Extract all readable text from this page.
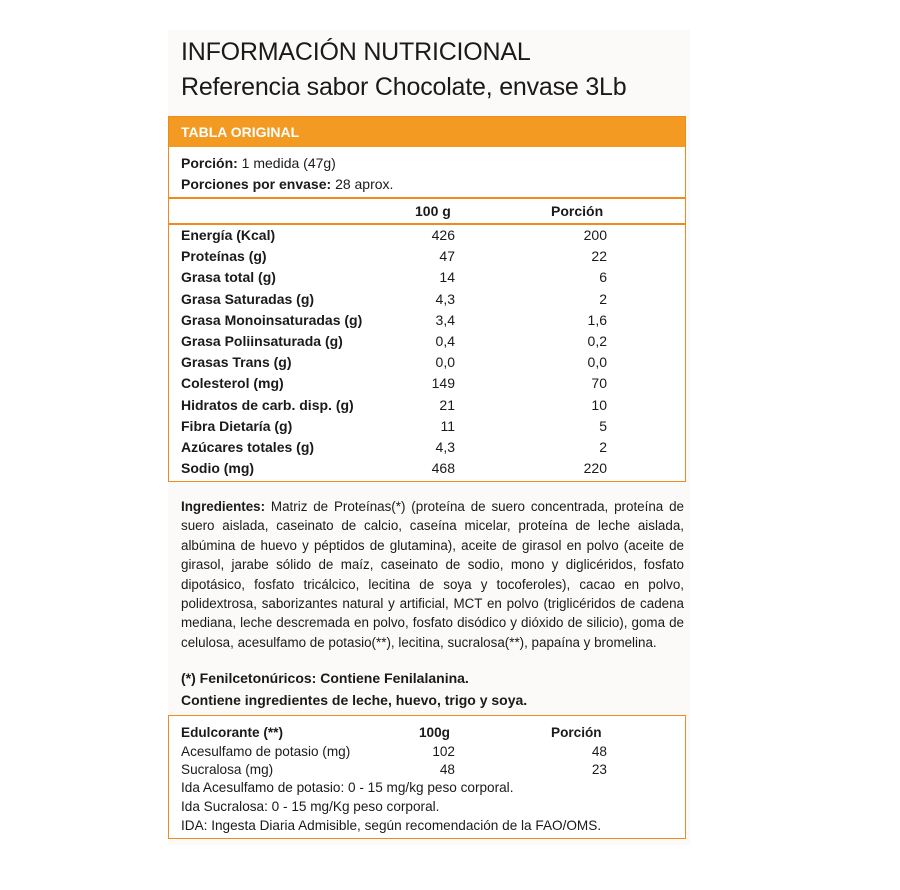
INFORMACIÓN NUTRICIONAL
Referencia sabor Chocolate, envase 3Lb
TABLA ORIGINAL
Porción: 1 medida (47g)
Porciones por envase: 28 aprox.
100 g	Porción
Energía (Kcal)	426	200
Proteínas (g)	47	22
Grasa total (g)	14	6
Grasa Saturadas (g)	4,3	2
Grasa Monoinsaturadas (g)	3,4	1,6
Grasa Poliinsaturada (g)	0,4	0,2
Grasas Trans (g)	0,0	0,0
Colesterol (mg)	149	70
Hidratos de carb. disp. (g)	21	10
Fibra Dietaría (g)	11	5
Azúcares totales (g)	4,3	2
Sodio (mg)	468	220
Ingredientes: Matriz de Proteínas(*) (proteína de suero concentrada, proteína de suero aislada, caseinato de calcio, caseína micelar, proteína de leche aislada, albúmina de huevo y péptidos de glutamina), aceite de girasol en polvo (aceite de girasol, jarabe sólido de maíz, caseinato de sodio, mono y diglicéridos, fosfato dipotásico, fosfato tricálcico, lecitina de soya y tocoferoles), cacao en polvo, polidextrosa, saborizantes natural y artificial, MCT en polvo (triglicéridos de cadena mediana, leche descremada en polvo, fosfato disódico y dióxido de silicio), goma de celulosa, acesulfamo de potasio(**), lecitina, sucralosa(**), papaína y bromelina.
(*) Fenilcetonúricos: Contiene Fenilalanina.
Contiene ingredientes de leche, huevo, trigo y soya.
Edulcorante (**)	100g	Porción
Acesulfamo de potasio (mg)	102	48
Sucralosa (mg)	48	23
Ida Acesulfamo de potasio: 0 - 15 mg/kg peso corporal.
Ida Sucralosa: 0 - 15 mg/Kg peso corporal.
IDA: Ingesta Diaria Admisible, según recomendación de la FAO/OMS.
